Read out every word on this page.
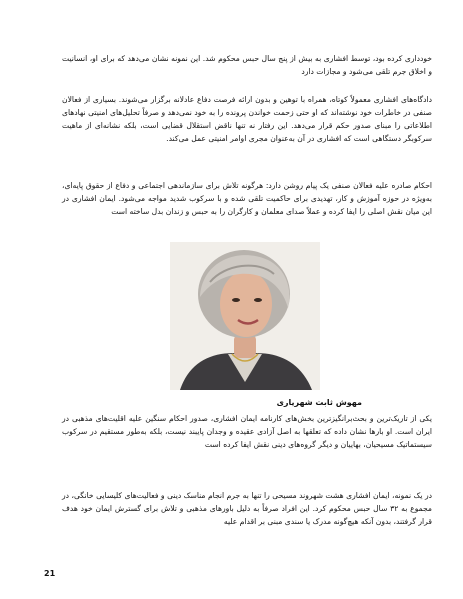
خودداری کرده بود، توسط افشاری به بیش از پنج سال حبس محکوم شد. این نمونه نشان می‌دهد که برای او، انسانیت و اخلاق جرم تلقی می‌شود و مجازات دارد

دادگاه‌های افشاری معمولاً کوتاه، همراه با توهین و بدون ارائه فرصت دفاع عادلانه برگزار می‌شوند. بسیاری از فعالان صنفی در خاطرات خود نوشته‌اند که او حتی زحمت خواندن پرونده را به خود نمی‌دهد و صرفاً تحلیل‌های امنیتی نهادهای اطلاعاتی را مبنای صدور حکم قرار می‌دهد. این رفتار نه تنها ناقض استقلال قضایی است، بلکه نشانه‌ای از ماهیت سرکوبگر دستگاهی است که افشاری در آن به‌عنوان مجری اوامر امنیتی عمل می‌کند.

احکام صادره علیه فعالان صنفی یک پیام روشن دارد: هرگونه تلاش برای سازماندهی اجتماعی و دفاع از حقوق پایه‌ای، به‌ویژه در حوزه آموزش و کار، تهدیدی برای حاکمیت تلقی شده و با سرکوب شدید مواجه می‌شود. ایمان افشاری در این میان نقش اصلی را ایفا کرده و عملاً صدای معلمان و کارگران را به حبس و زندان بدل ساخته است

مهوش ثابت شهریاری

یکی از تاریک‌ترین و بحث‌برانگیزترین بخش‌های کارنامه ایمان افشاری، صدور احکام سنگین علیه اقلیت‌های مذهبی در ایران است. او بارها نشان داده که تعلقها به اصل آزادی عقیده و وجدان پایبند نیست، بلکه به‌طور مستقیم در سرکوب سیستماتیک مسیحیان، بهاییان و دیگر گروه‌های دینی نقش ایفا کرده است

در یک نمونه، ایمان افشاری هشت شهروند مسیحی را تنها به جرم انجام مناسک دینی و فعالیت‌های کلیسایی خانگی، در مجموع به ۳۲ سال حبس محکوم کرد. این افراد صرفاً به دلیل باورهای مذهبی و تلاش برای گسترش ایمان خود هدف قرار گرفتند، بدون آنکه هیچ‌گونه مدرک یا سندی مبنی بر اقدام علیه

21
